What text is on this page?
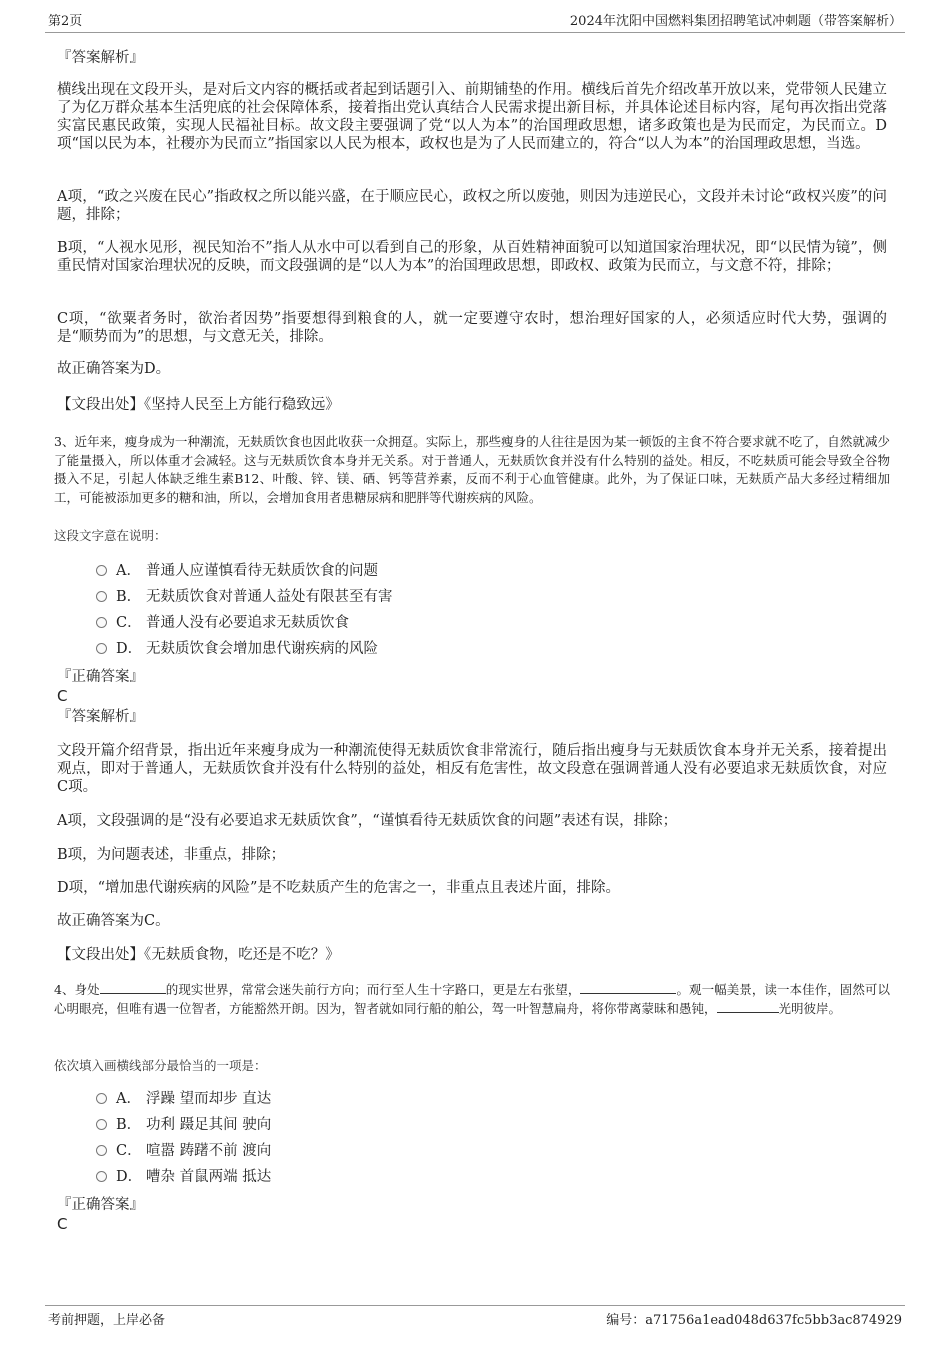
第2页	2024年沈阳中国燃料集团招聘笔试冲刺题（带答案解析）
『答案解析』

横线出现在文段开头，是对后文内容的概括或者起到话题引入、前期铺垫的作用。横线后首先介绍改革开放以来，党带领人民建立了为亿万群众基本生活兜底的社会保障体系，接着指出党认真结合人民需求提出新目标，并具体论述目标内容，尾句再次指出党落实富民惠民政策，实现人民福祉目标。故文段主要强调了党“以人为本”的治国理政思想，诸多政策也是为民而定，为民而立。D项“国以民为本，社稷亦为民而立”指国家以人民为根本，政权也是为了人民而建立的，符合“以人为本”的治国理政思想，当选。

A项，“政之兴废在民心”指政权之所以能兴盛，在于顺应民心，政权之所以废弛，则因为违逆民心，文段并未讨论“政权兴废”的问题，排除；

B项，“人视水见形，视民知治不”指人从水中可以看到自己的形象，从百姓精神面貌可以知道国家治理状况，即“以民情为镜”，侧重民情对国家治理状况的反映，而文段强调的是“以人为本”的治国理政思想，即政权、政策为民而立，与文意不符，排除；

C项，“欲粟者务时，欲治者因势”指要想得到粮食的人，就一定要遵守农时，想治理好国家的人，必须适应时代大势，强调的是“顺势而为”的思想，与文意无关，排除。

故正确答案为D。

【文段出处】《坚持人民至上方能行稳致远》

3、近年来，瘦身成为一种潮流，无麸质饮食也因此收获一众拥趸。实际上，那些瘦身的人往往是因为某一顿饭的主食不符合要求就不吃了，自然就减少了能量摄入，所以体重才会减轻。这与无麸质饮食本身并无关系。对于普通人，无麸质饮食并没有什么特别的益处。相反，不吃麸质可能会导致全谷物摄入不足，引起人体缺乏维生素B12、叶酸、锌、镁、硒、钙等营养素，反而不利于心血管健康。此外，为了保证口味，无麸质产品大多经过精细加工，可能被添加更多的糖和油，所以，会增加食用者患糖尿病和肥胖等代谢疾病的风险。

这段文字意在说明：
A． 普通人应谨慎看待无麸质饮食的问题
B． 无麸质饮食对普通人益处有限甚至有害
C． 普通人没有必要追求无麸质饮食
D． 无麸质饮食会增加患代谢疾病的风险
『正确答案』
C
『答案解析』

文段开篇介绍背景，指出近年来瘦身成为一种潮流使得无麸质饮食非常流行，随后指出瘦身与无麸质饮食本身并无关系，接着提出观点，即对于普通人，无麸质饮食并没有什么特别的益处，相反有危害性，故文段意在强调普通人没有必要追求无麸质饮食，对应C项。

A项，文段强调的是“没有必要追求无麸质饮食”，“谨慎看待无麸质饮食的问题”表述有误，排除；

B项，为问题表述，非重点，排除；

D项，“增加患代谢疾病的风险”是不吃麸质产生的危害之一，非重点且表述片面，排除。

故正确答案为C。

【文段出处】《无麸质食物，吃还是不吃？》

4、身处	的现实世界，常常会迷失前行方向；而行至人生十字路口，更是左右张望，	。观一幅美景，读一本佳作，固然可以心明眼亮，但唯有遇一位智者，方能豁然开朗。因为，智者就如同行船的舶公，驾一叶智慧扁舟，将你带离蒙昧和愚钝，	光明彼岸。

依次填入画横线部分最恰当的一项是：
A． 浮躁 望而却步 直达
B． 功利 蹑足其间 驶向
C． 喧嚣 踌躇不前 渡向
D． 嘈杂 首鼠两端 抵达
『正确答案』
C
考前押题，上岸必备	编号：a71756a1ead048d637fc5bb3ac874929
